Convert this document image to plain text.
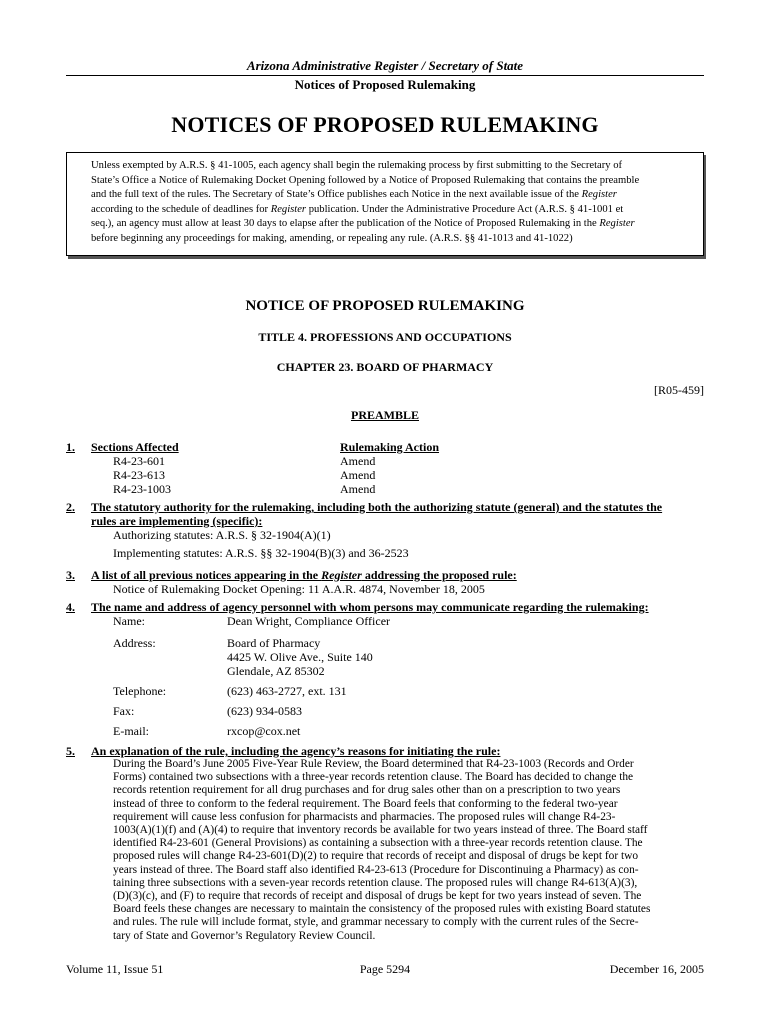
Arizona Administrative Register / Secretary of State
Notices of Proposed Rulemaking
NOTICES OF PROPOSED RULEMAKING
Unless exempted by A.R.S. § 41-1005, each agency shall begin the rulemaking process by first submitting to the Secretary of
State’s Office a Notice of Rulemaking Docket Opening followed by a Notice of Proposed Rulemaking that contains the preamble
and the full text of the rules. The Secretary of State’s Office publishes each Notice in the next available issue of the Register
according to the schedule of deadlines for Register publication. Under the Administrative Procedure Act (A.R.S. § 41-1001 et
seq.), an agency must allow at least 30 days to elapse after the publication of the Notice of Proposed Rulemaking in the Register
before beginning any proceedings for making, amending, or repealing any rule. (A.R.S. §§ 41-1013 and 41-1022)
NOTICE OF PROPOSED RULEMAKING
TITLE 4. PROFESSIONS AND OCCUPATIONS
CHAPTER 23. BOARD OF PHARMACY
[R05-459]
PREAMBLE
1. Sections Affected	Rulemaking Action
R4-23-601	Amend
R4-23-613	Amend
R4-23-1003	Amend
2. The statutory authority for the rulemaking, including both the authorizing statute (general) and the statutes the
rules are implementing (specific):
Authorizing statutes: A.R.S. § 32-1904(A)(1)
Implementing statutes: A.R.S. §§ 32-1904(B)(3) and 36-2523
3. A list of all previous notices appearing in the Register addressing the proposed rule:
Notice of Rulemaking Docket Opening: 11 A.A.R. 4874, November 18, 2005
4. The name and address of agency personnel with whom persons may communicate regarding the rulemaking:
Name:	Dean Wright, Compliance Officer
Address:	Board of Pharmacy
4425 W. Olive Ave., Suite 140
Glendale, AZ 85302
Telephone:	(623) 463-2727, ext. 131
Fax:	(623) 934-0583
E-mail:	rxcop@cox.net
5. An explanation of the rule, including the agency’s reasons for initiating the rule:
During the Board’s June 2005 Five-Year Rule Review, the Board determined that R4-23-1003 (Records and Order
Forms) contained two subsections with a three-year records retention clause. The Board has decided to change the
records retention requirement for all drug purchases and for drug sales other than on a prescription to two years
instead of three to conform to the federal requirement. The Board feels that conforming to the federal two-year
requirement will cause less confusion for pharmacists and pharmacies. The proposed rules will change R4-23-
1003(A)(1)(f) and (A)(4) to require that inventory records be available for two years instead of three. The Board staff
identified R4-23-601 (General Provisions) as containing a subsection with a three-year records retention clause. The
proposed rules will change R4-23-601(D)(2) to require that records of receipt and disposal of drugs be kept for two
years instead of three. The Board staff also identified R4-23-613 (Procedure for Discontinuing a Pharmacy) as con-
taining three subsections with a seven-year records retention clause. The proposed rules will change R4-613(A)(3),
(D)(3)(c), and (F) to require that records of receipt and disposal of drugs be kept for two years instead of seven. The
Board feels these changes are necessary to maintain the consistency of the proposed rules with existing Board statutes
and rules. The rule will include format, style, and grammar necessary to comply with the current rules of the Secre-
tary of State and Governor’s Regulatory Review Council.
Volume 11, Issue 51	Page 5294	December 16, 2005
